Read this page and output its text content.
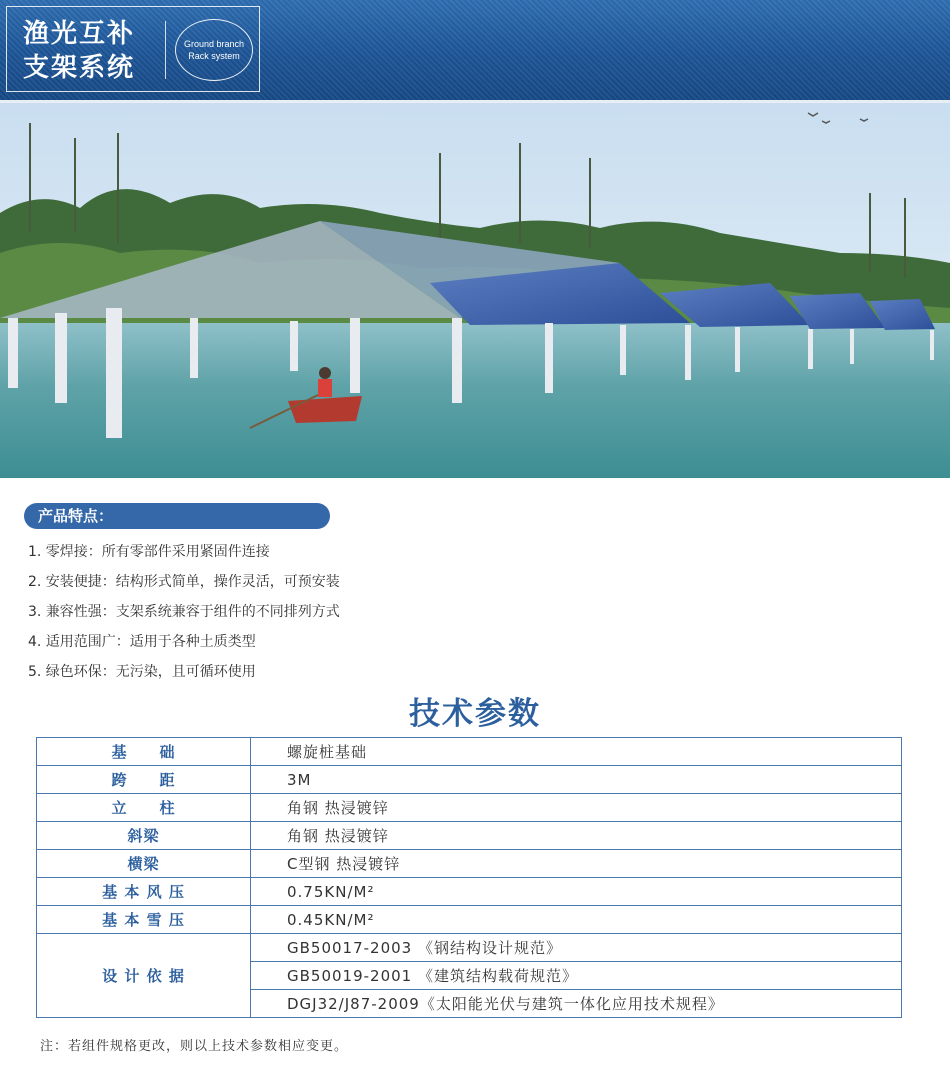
渔光互补
支架系统
Ground branch
Rack system
产品特点：
1. 零焊接：所有零部件采用紧固件连接
2. 安装便捷：结构形式简单，操作灵活，可预安装
3. 兼容性强：支架系统兼容于组件的不同排列方式
4. 适用范围广：适用于各种土质类型
5. 绿色环保：无污染，且可循环使用
技术参数
基　　础	螺旋桩基础
跨　　距	3M
立　　柱	角钢 热浸镀锌
斜梁	角钢 热浸镀锌
横梁	C型钢 热浸镀锌
基 本 风 压	0.75KN/M²
基 本 雪 压	0.45KN/M²
设 计 依 据	GB50017-2003 《钢结构设计规范》
	GB50019-2001 《建筑结构载荷规范》
	DGJ32/J87-2009《太阳能光伏与建筑一体化应用技术规程》
注：若组件规格更改，则以上技术参数相应变更。
